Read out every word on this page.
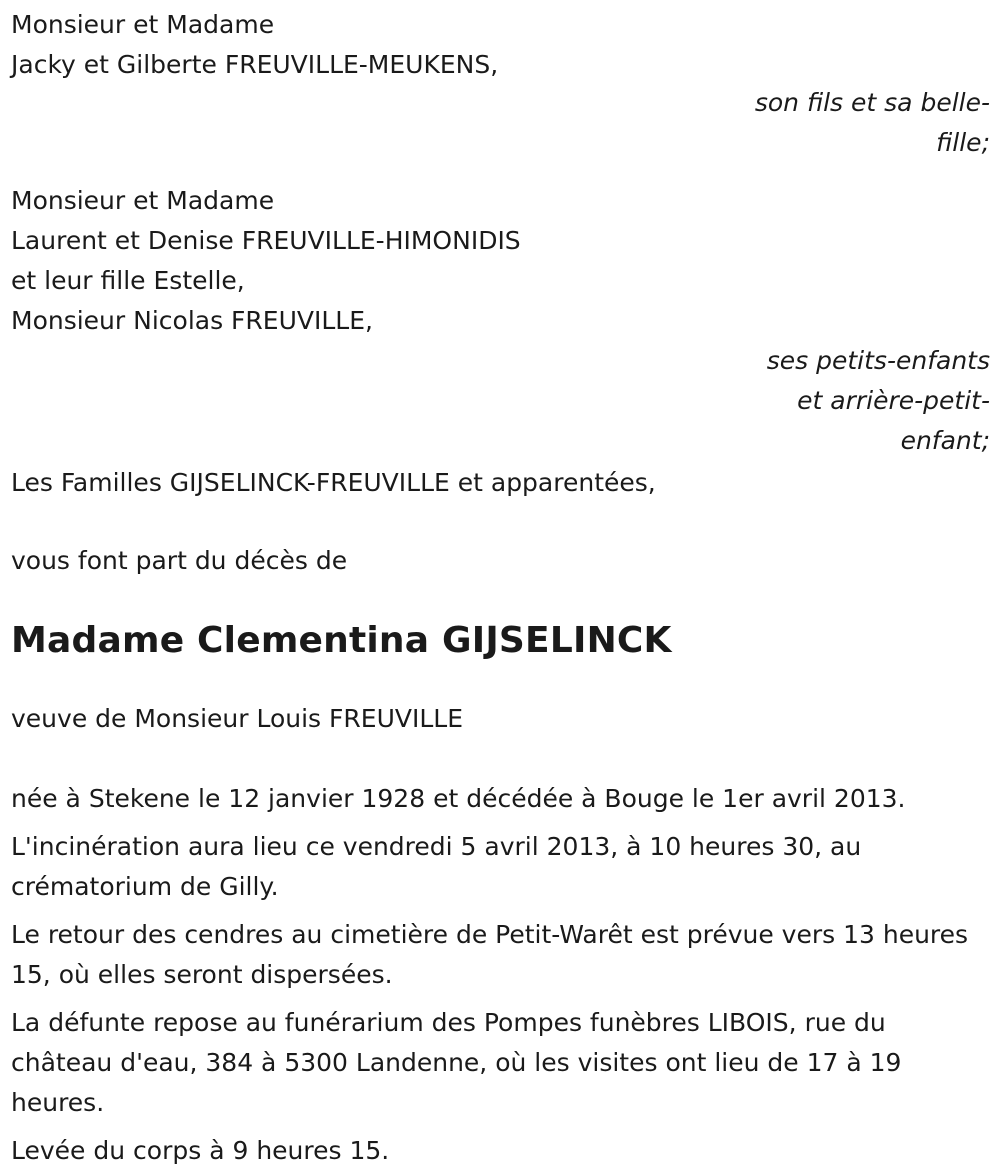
Monsieur et Madame

Jacky et Gilberte FREUVILLE-MEUKENS,

son fils et sa belle-

fille;

Monsieur et Madame

Laurent et Denise FREUVILLE-HIMONIDIS

et leur fille Estelle,

Monsieur Nicolas FREUVILLE,

ses petits-enfants

et arrière-petit-

enfant;

Les Familles GIJSELINCK-FREUVILLE et apparentées,

vous font part du décès de

Madame Clementina GIJSELINCK

veuve de Monsieur Louis FREUVILLE

née à Stekene le 12 janvier 1928 et décédée à Bouge le 1er avril 2013.

L'incinération aura lieu ce vendredi 5 avril 2013, à 10 heures 30, au crématorium de Gilly.

Le retour des cendres au cimetière de Petit-Warêt est prévue vers 13 heures 15, où elles seront dispersées.

La défunte repose au funérarium des Pompes funèbres LIBOIS, rue du château d'eau, 384 à 5300 Landenne, où les visites ont lieu de 17 à 19 heures.

Levée du corps à 9 heures 15.
